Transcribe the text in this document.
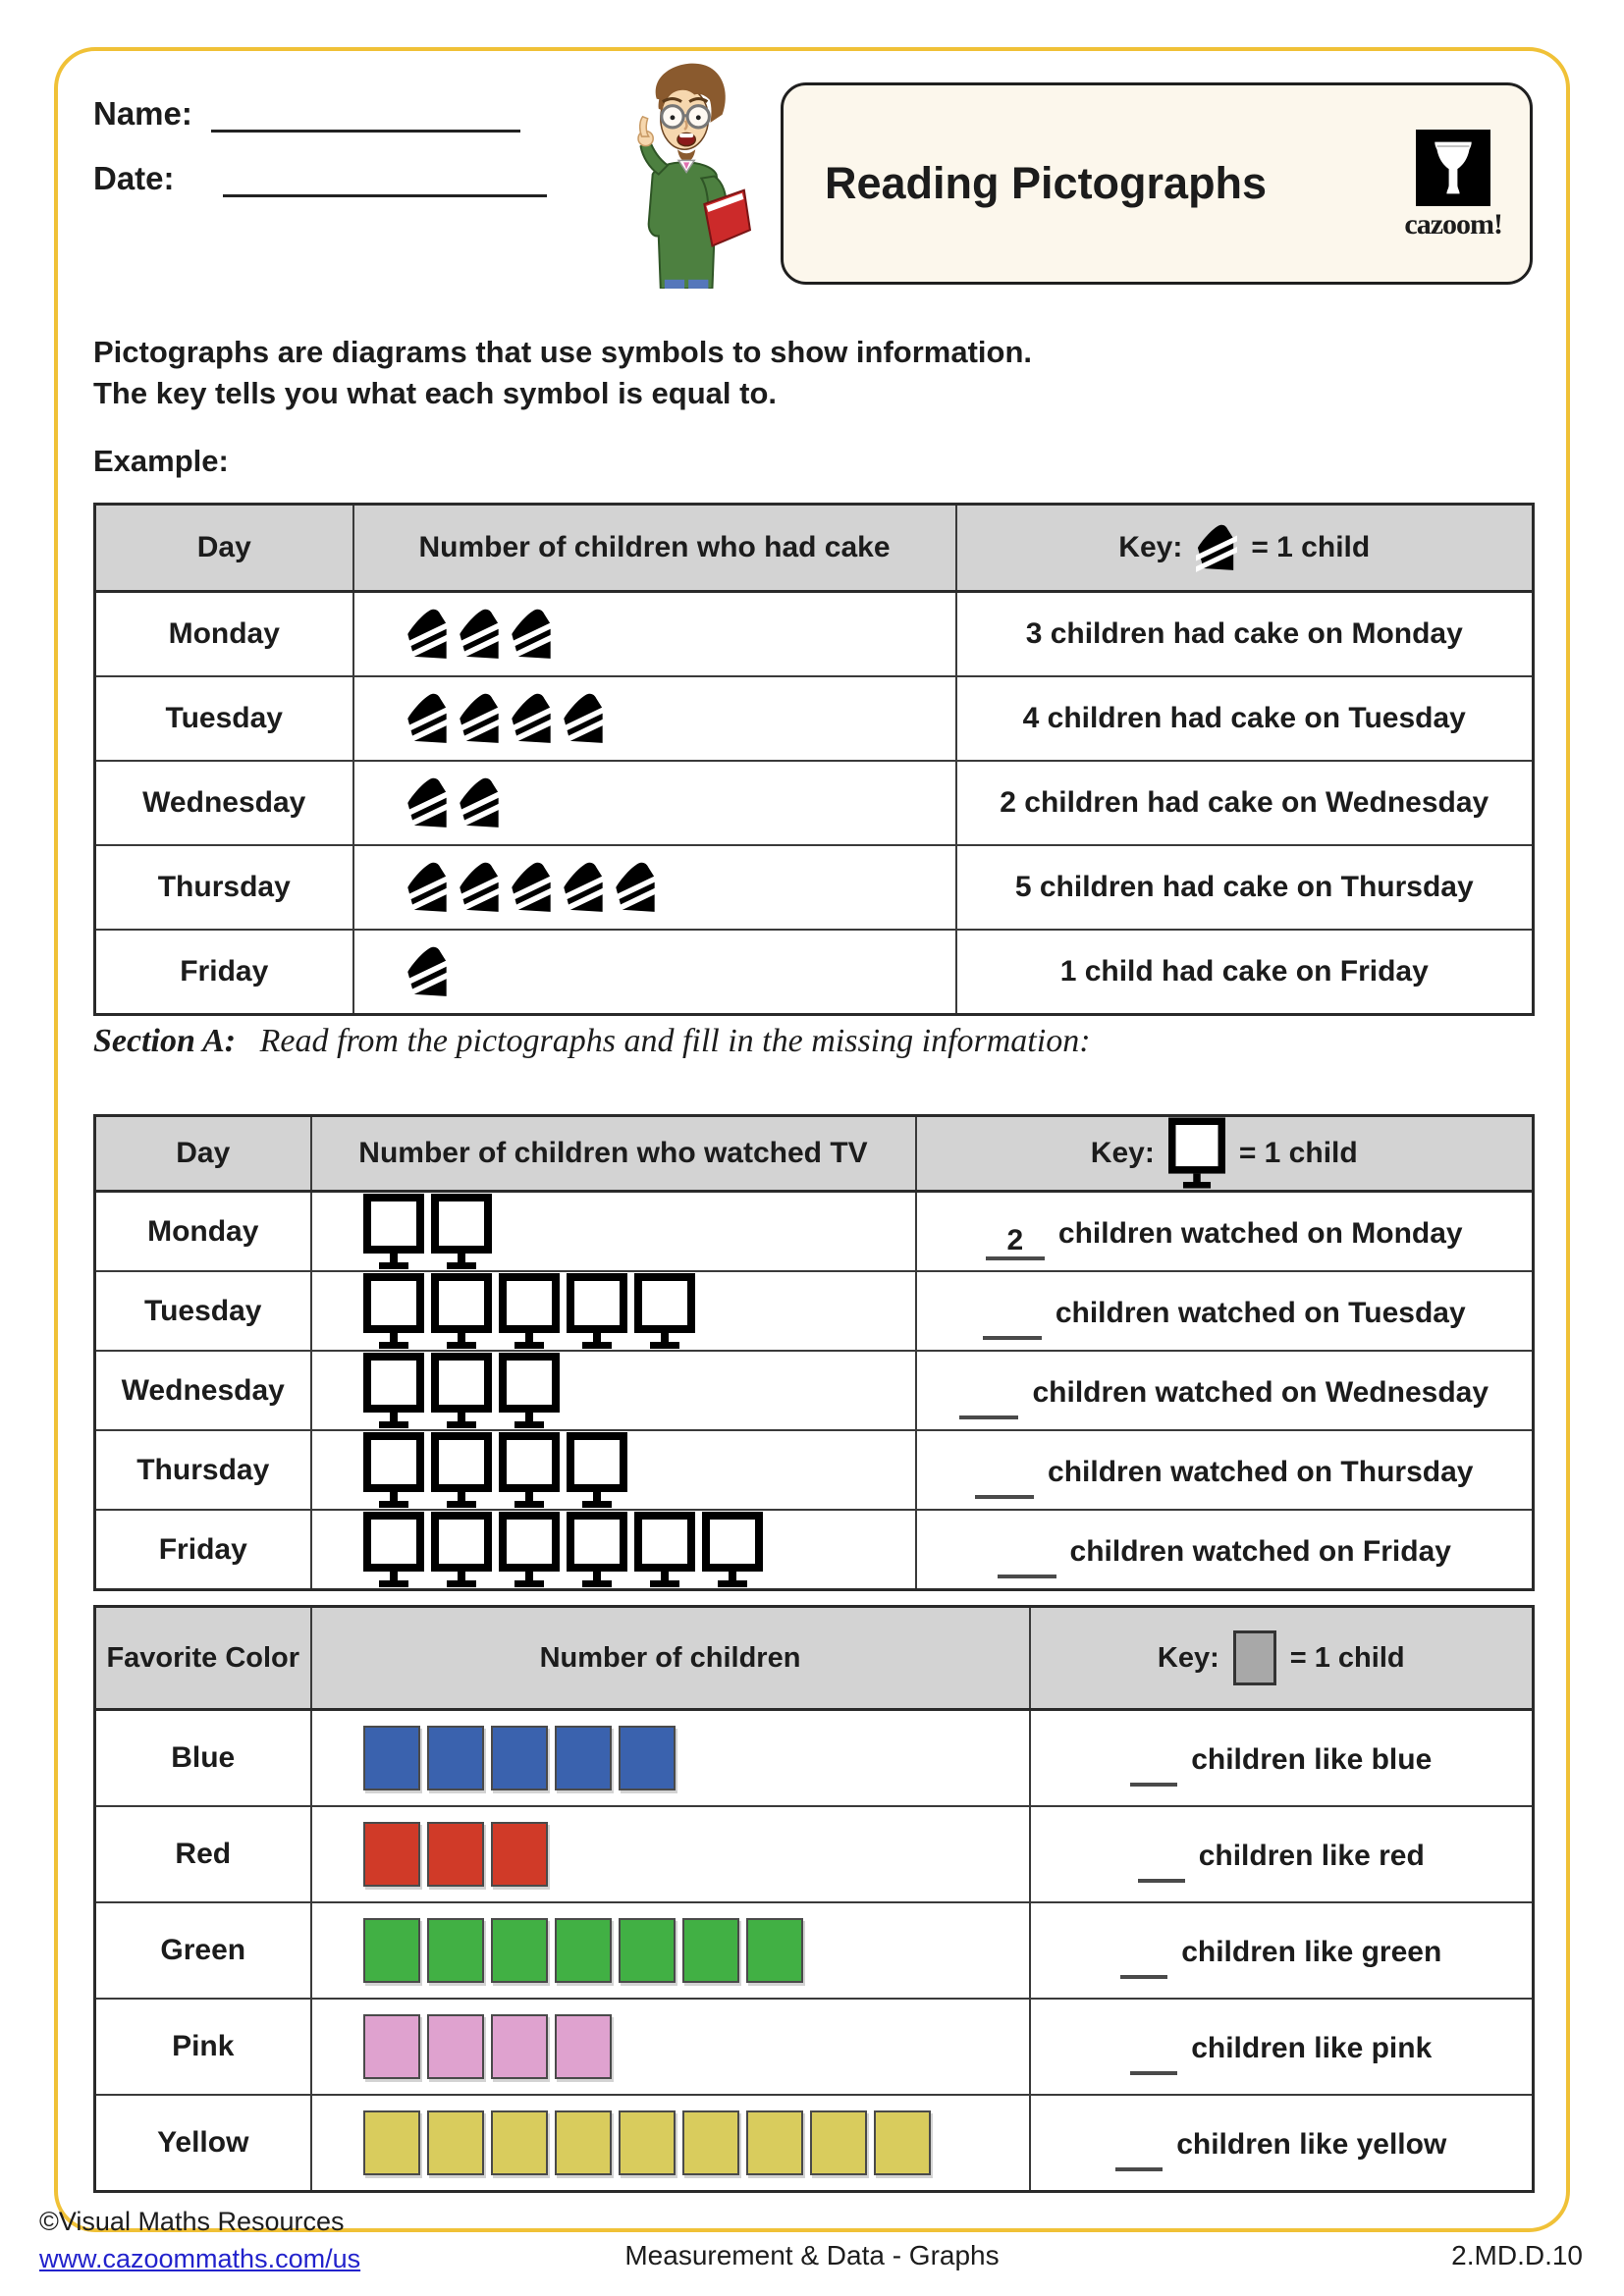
Name:
Date:	Reading Pictographs
cazoom!
Pictographs are diagrams that use symbols to show information.
The key tells you what each symbol is equal to.
Example:
Day	Number of children who had cake	Key: = 1 child

Monday		3 children had cake on Monday
Tuesday		4 children had cake on Tuesday
Wednesday		2 children had cake on Wednesday
Thursday		5 children had cake on Thursday
Friday		1 child had cake on Friday
Section A: Read from the pictographs and fill in the missing information:
Day	Number of children who watched TV	Key: = 1 child

Monday		2 children watched on Monday

Tuesday		children watched on Tuesday

Wednesday		children watched on Wednesday

Thursday		children watched on Thursday

Friday		children watched on Friday
Favorite Color	Number of children	Key: = 1 child

Blue		children like blue

Red		children like red

Green		children like green

Pink		children like pink

Yellow		children like yellow
©Visual Maths Resources
www.cazoommaths.com/us	Measurement & Data - Graphs	2.MD.D.10
